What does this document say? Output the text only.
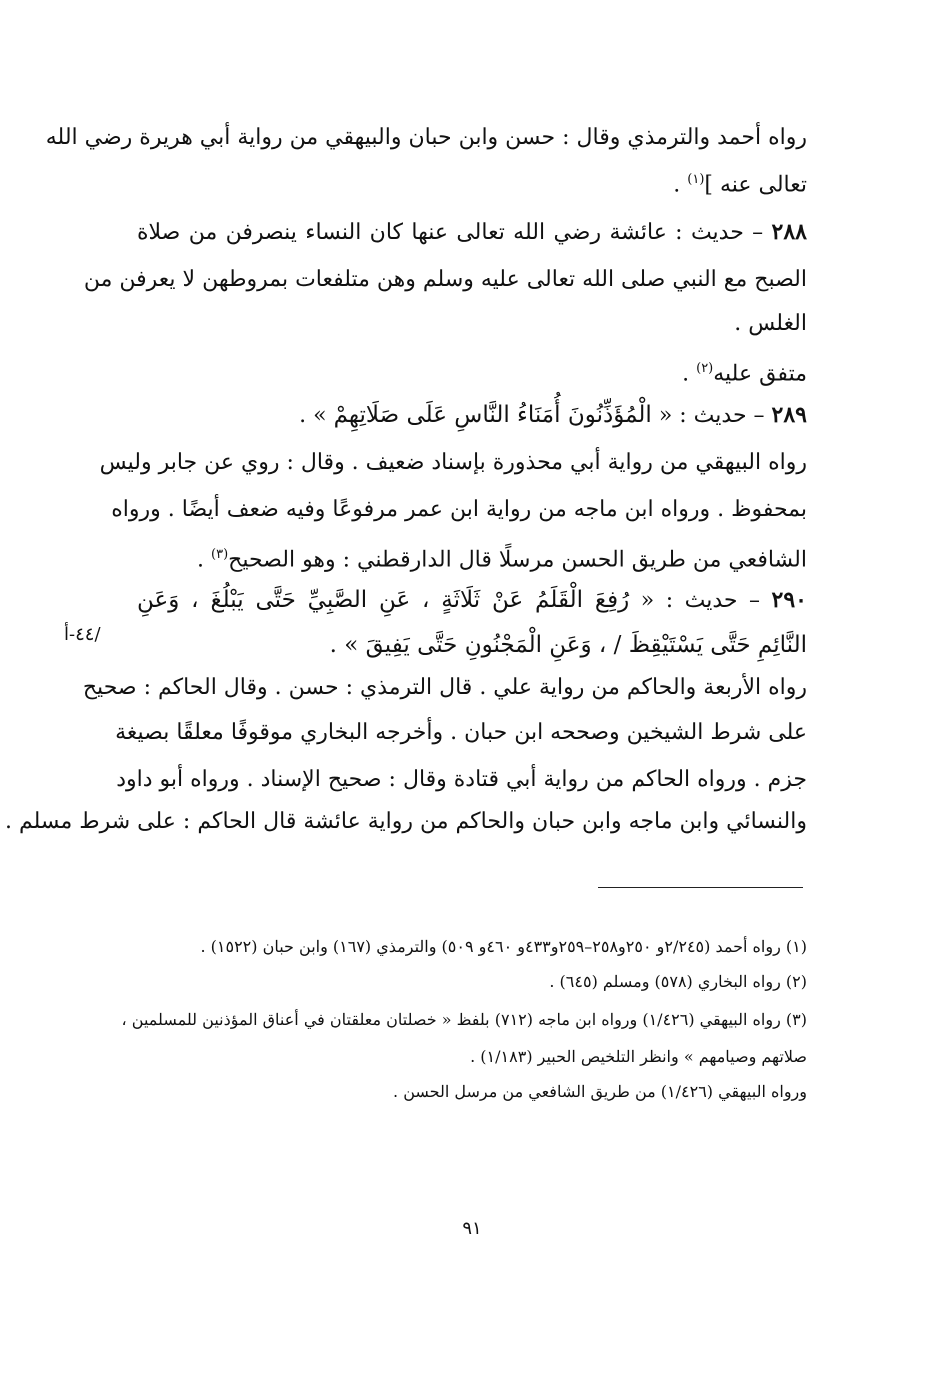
رواه أحمد والترمذي وقال : حسن وابن حبان والبيهقي من رواية أبي هريرة رضي الله
تعالى عنه ]$^{(١)}$ .
٢٨٨ – حديث : عائشة رضي الله تعالى عنها كان النساء ينصرفن من صلاة
الصبح مع النبي صلى الله تعالى عليه وسلم وهن متلفعات بمروطهن لا يعرفن من
الغلس .
متفق عليه$^{(٢)}$ .
٢٨٩ – حديث : « الْمُؤَذِّنُونَ أُمَنَاءُ النَّاسِ عَلَى صَلَاتِهِمْ » .
رواه البيهقي من رواية أبي محذورة بإسناد ضعيف . وقال : روي عن جابر وليس
بمحفوظ . ورواه ابن ماجه من رواية ابن عمر مرفوعًا وفيه ضعف أيضًا . ورواه
الشافعي من طريق الحسن مرسلًا قال الدارقطني : وهو الصحيح$^{(٣)}$ .
٢٩٠ – حديث : « رُفِعَ الْقَلَمُ عَنْ ثَلَاثَةٍ ، عَنِ الصَّبِيِّ حَتَّى يَبْلُغَ ، وَعَنِ
النَّائِمِ حَتَّى يَسْتَيْقِظَ / ، وَعَنِ الْمَجْنُونِ حَتَّى يَفِيقَ » .
/٤٤-أ
رواه الأربعة والحاكم من رواية علي . قال الترمذي : حسن . وقال الحاكم : صحيح
على شرط الشيخين وصححه ابن حبان . وأخرجه البخاري موقوفًا معلقًا بصيغة
جزم . ورواه الحاكم من رواية أبي قتادة وقال : صحيح الإسناد . ورواه أبو داود
والنسائي وابن ماجه وابن حبان والحاكم من رواية عائشة قال الحاكم : على شرط مسلم .
(١) رواه أحمد (٢/٢٤٥و ٢٥٠و٢٥٨–٢٥٩و٤٣٣و ٤٦٠و ٥٠٩) والترمذي (١٦٧) وابن حبان (١٥٢٢) .
(٢) رواه البخاري (٥٧٨) ومسلم (٦٤٥) .
(٣) رواه البيهقي (١/٤٢٦) ورواه ابن ماجه (٧١٢) بلفظ « خصلتان معلقتان في أعناق المؤذنين للمسلمين ،
صلاتهم وصيامهم » وانظر التلخيص الحبير (١/١٨٣) .
ورواه البيهقي (١/٤٢٦) من طريق الشافعي من مرسل الحسن .
٩١
